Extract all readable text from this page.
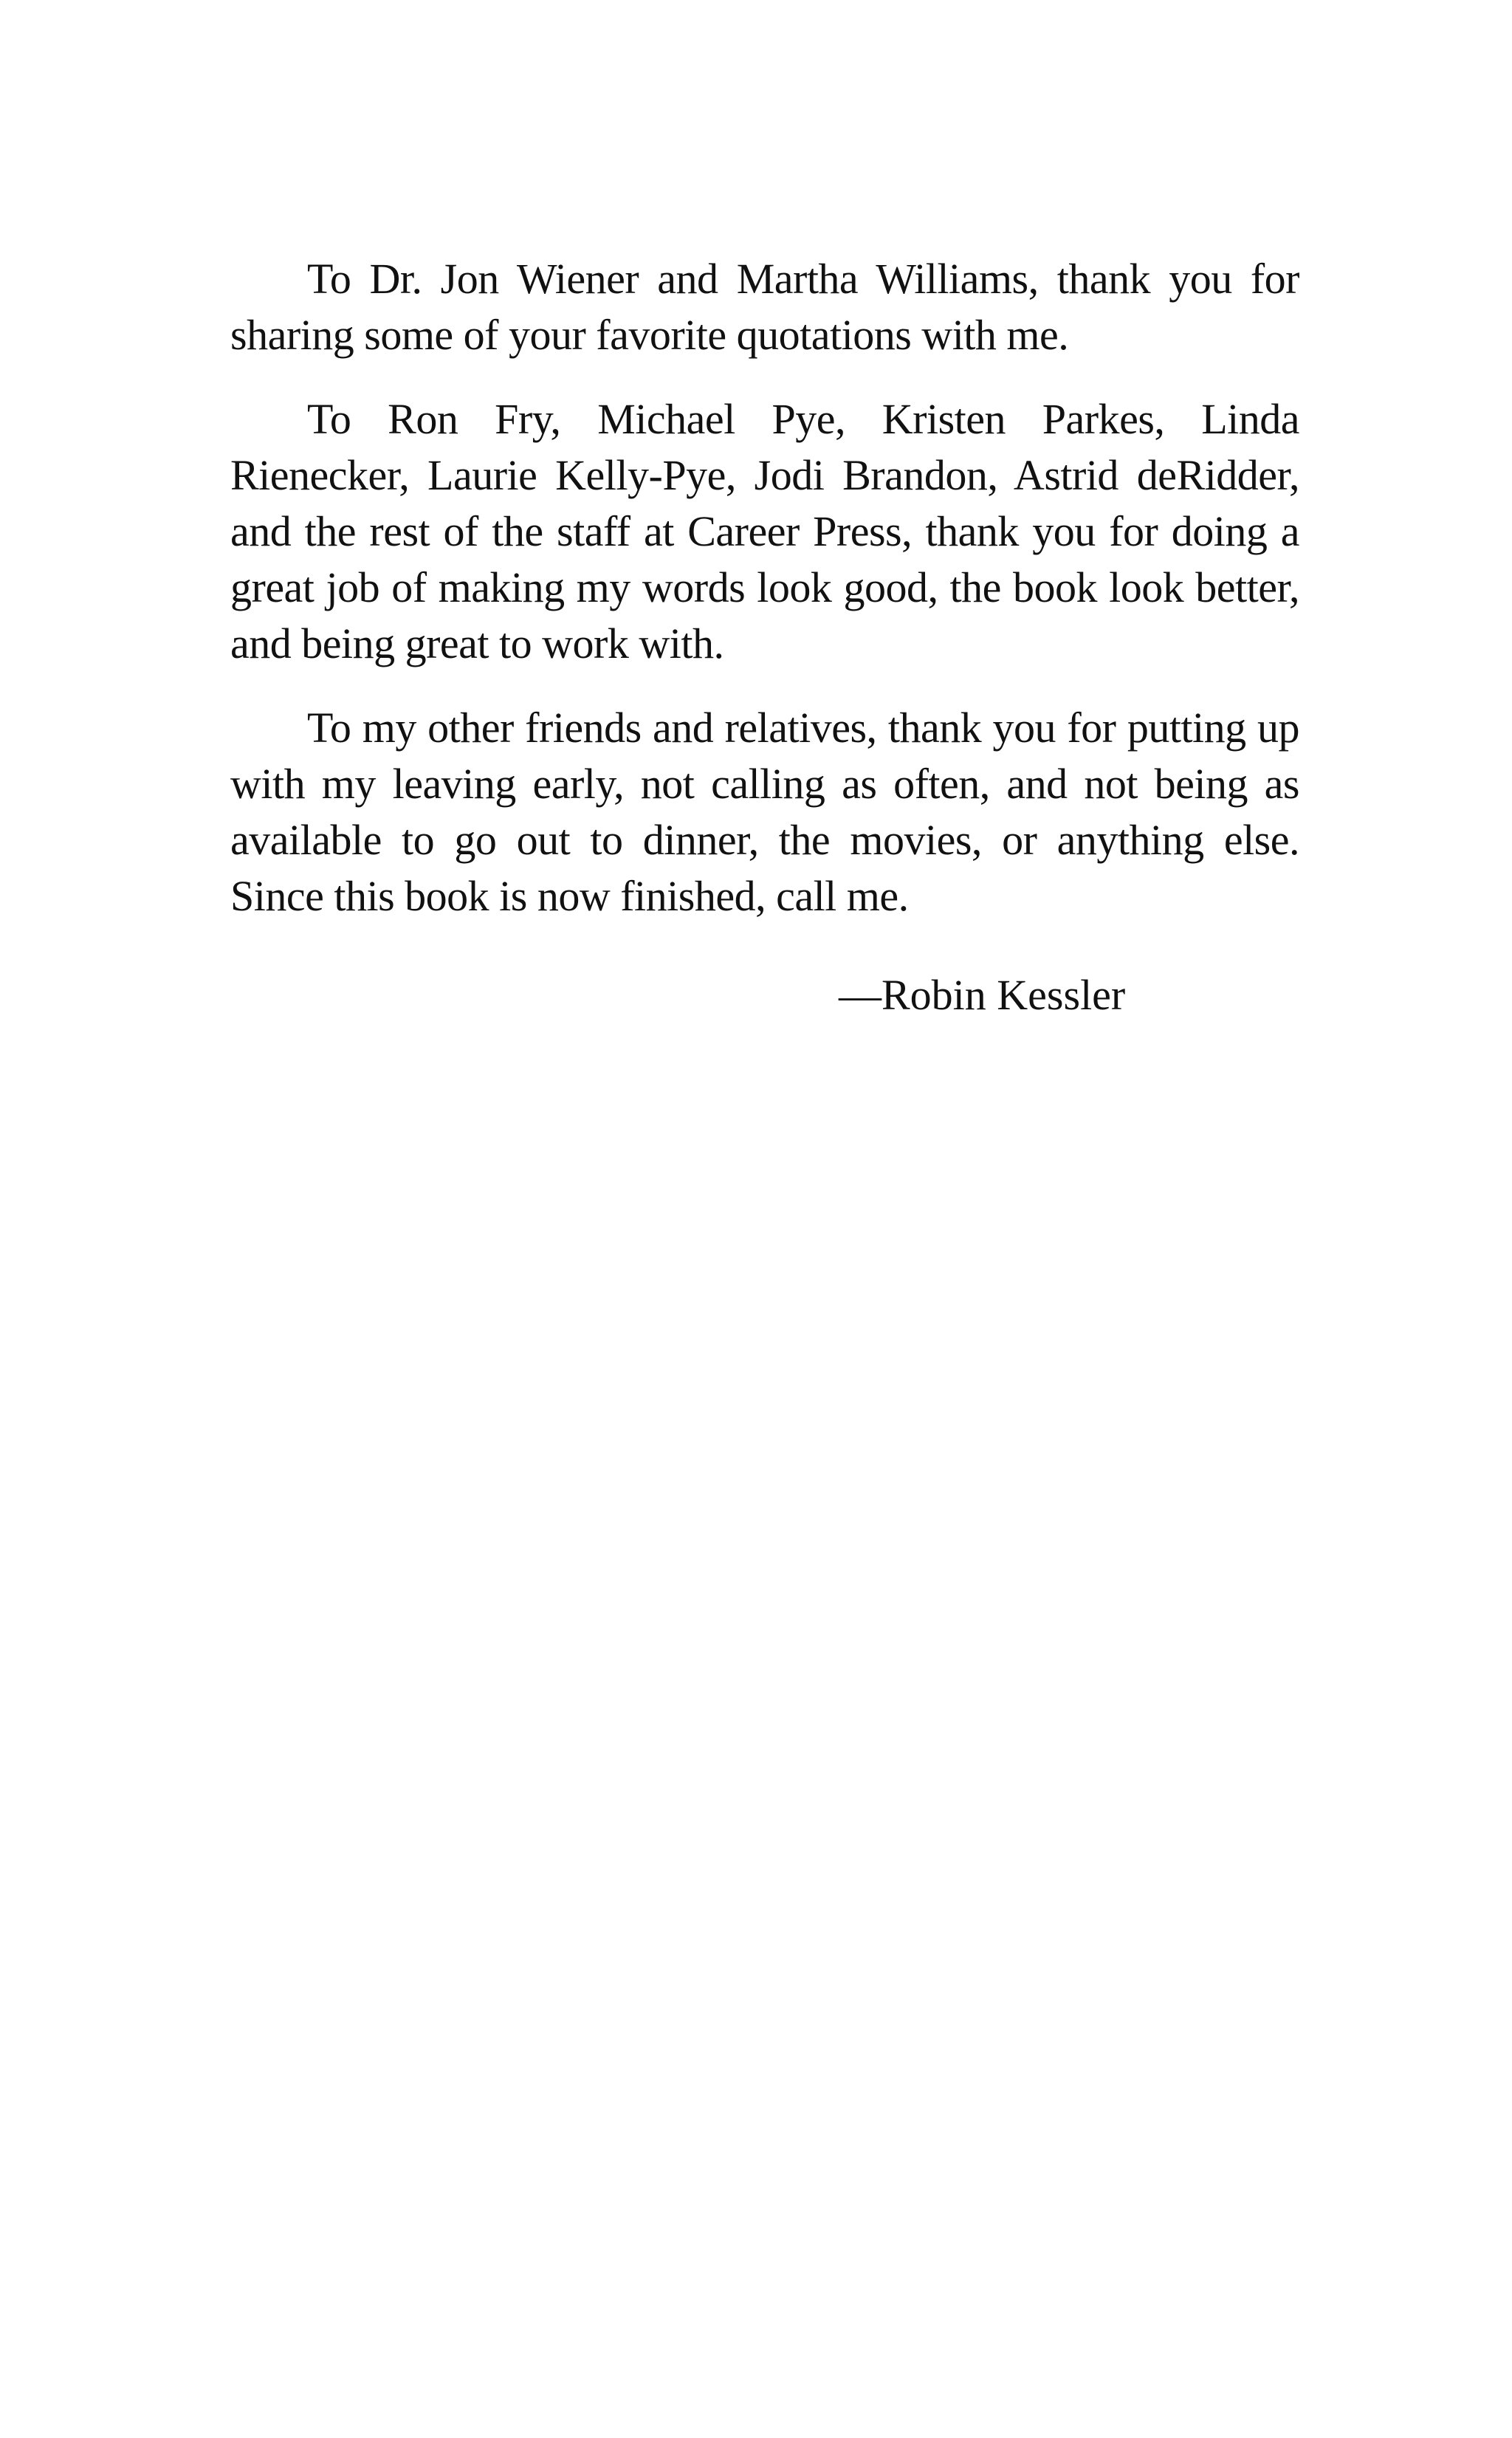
To Dr. Jon Wiener and Martha Williams, thank you for sharing some of your favorite quotations with me.

To Ron Fry, Michael Pye, Kristen Parkes, Linda Rienecker, Laurie Kelly-Pye, Jodi Brandon, Astrid deRidder, and the rest of the staff at Career Press, thank you for doing a great job of making my words look good, the book look better, and being great to work with.

To my other friends and relatives, thank you for putting up with my leaving early, not calling as often, and not being as available to go out to dinner, the movies, or anything else. Since this book is now finished, call me.

—Robin Kessler
